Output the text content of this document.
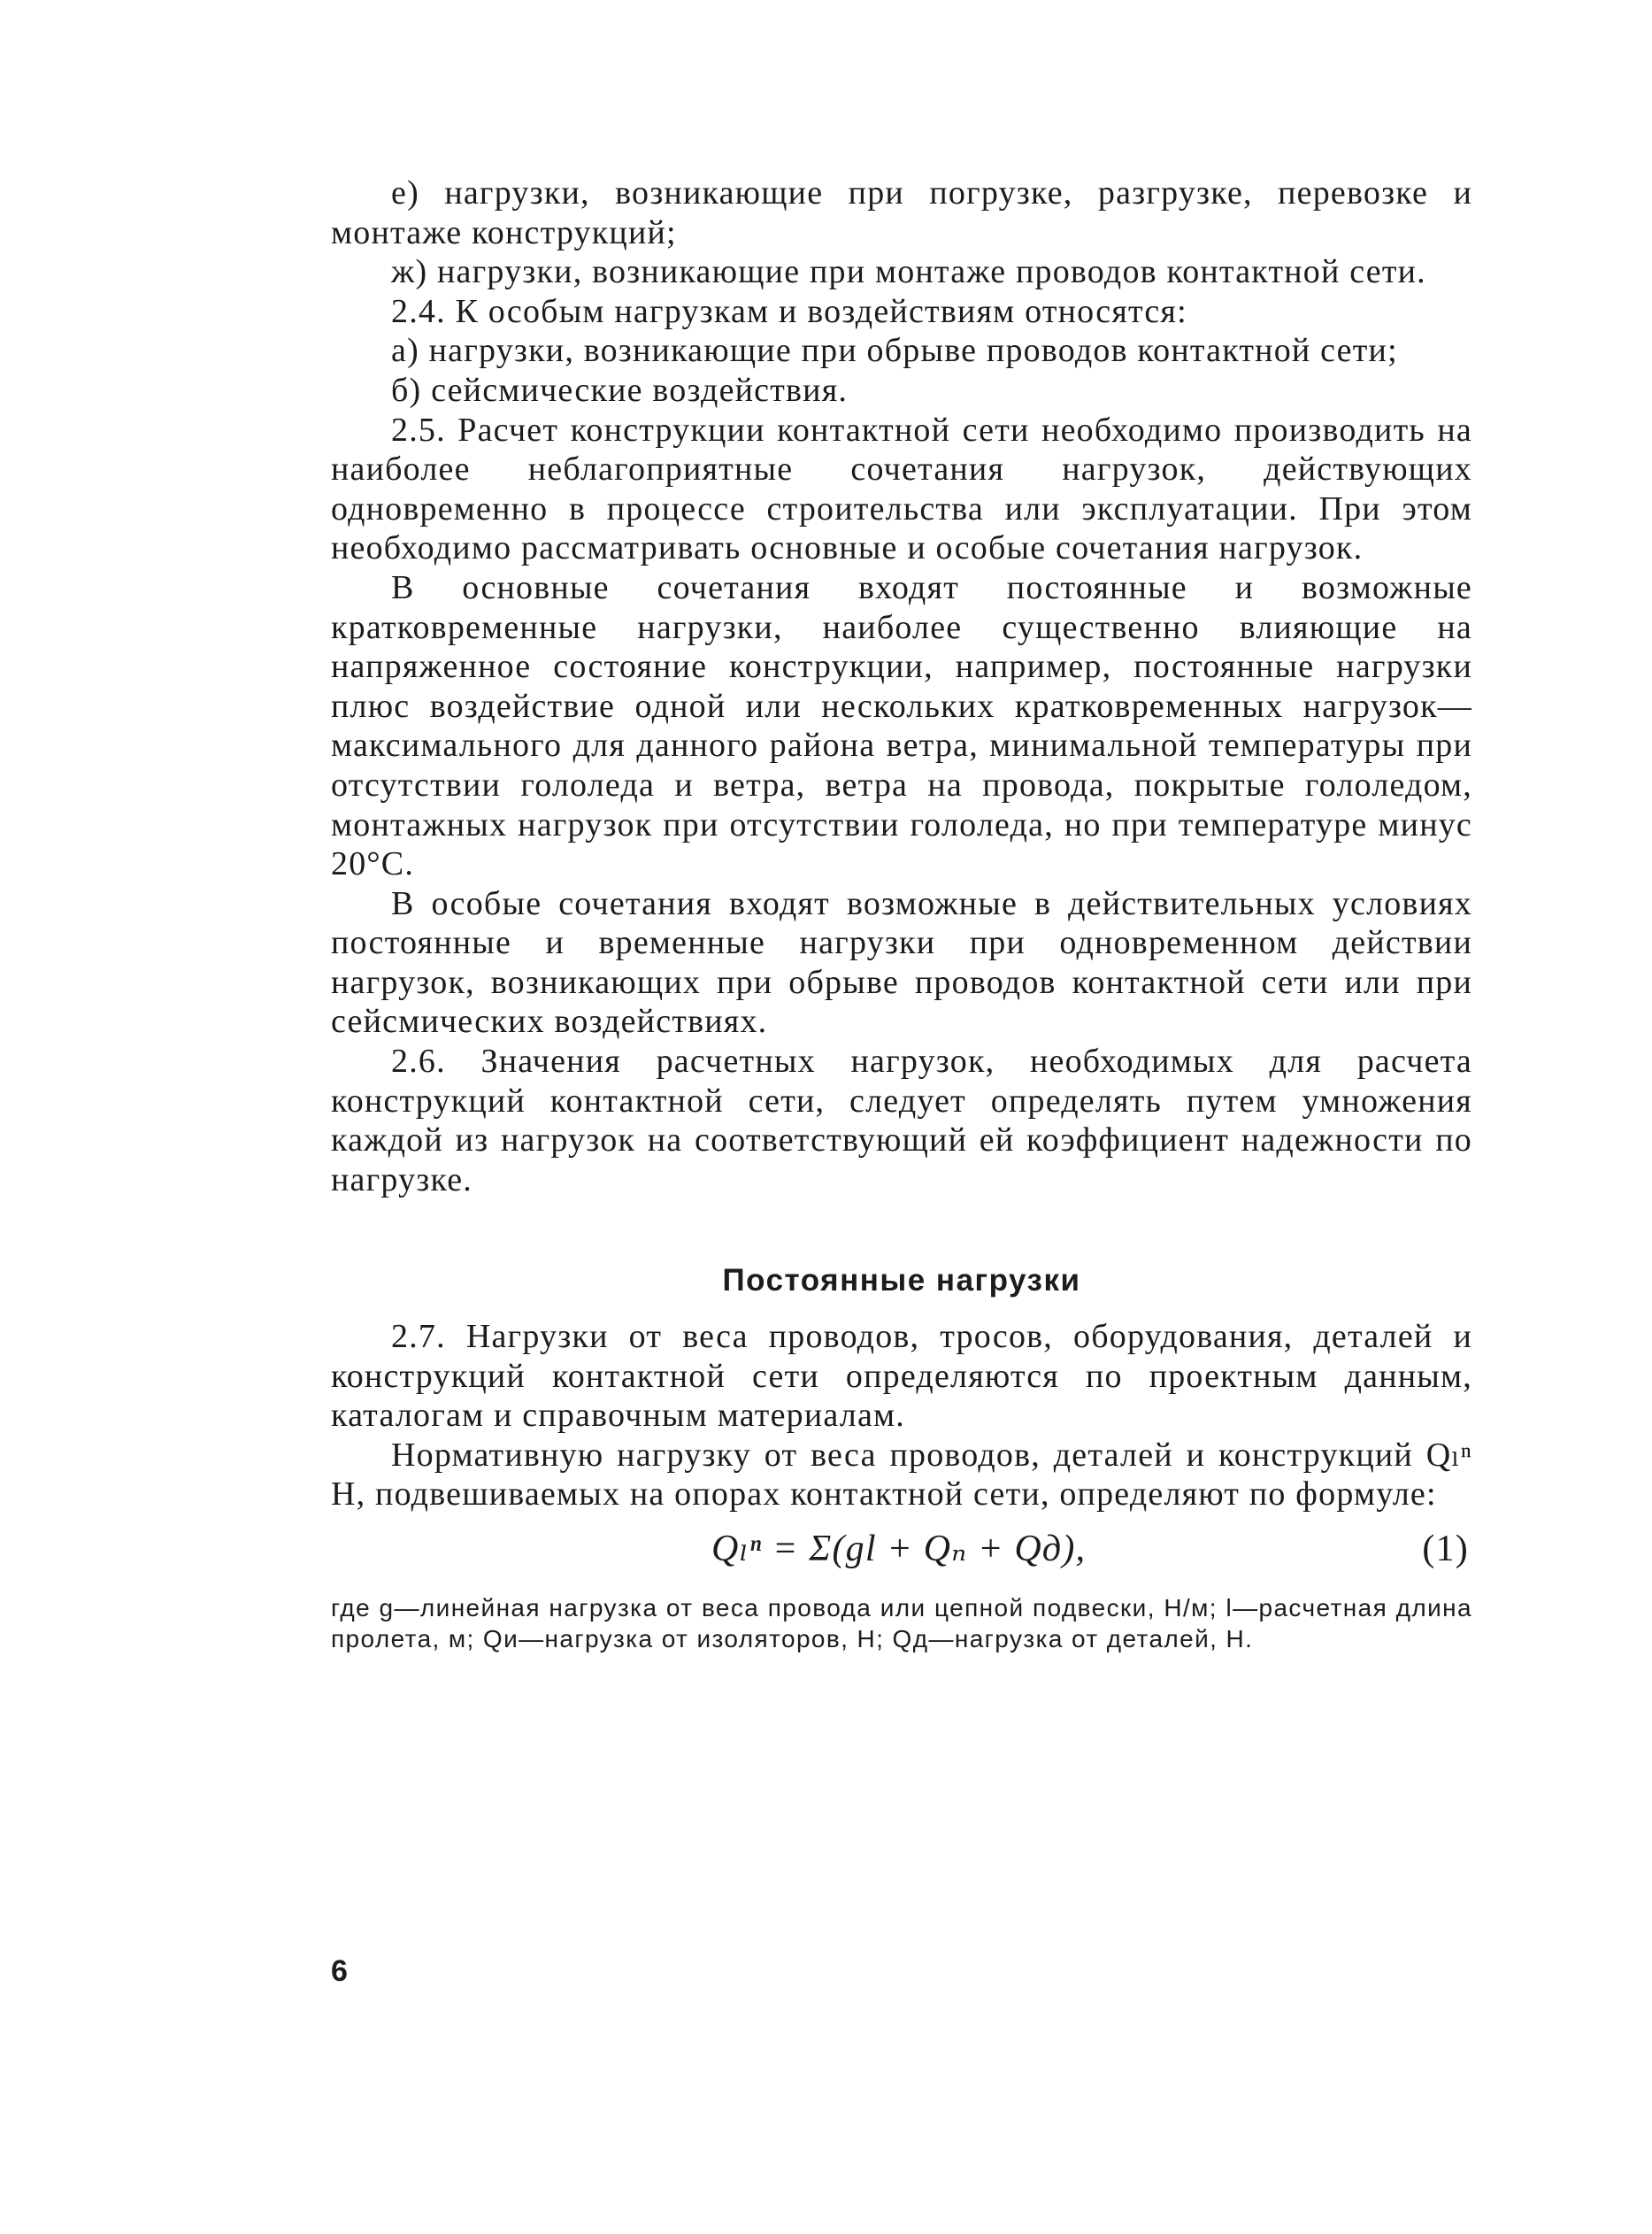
е) нагрузки, возникающие при погрузке, разгрузке, перевозке и монтаже конструкций;

ж) нагрузки, возникающие при монтаже проводов контактной сети.

2.4. К особым нагрузкам и воздействиям относятся:

а) нагрузки, возникающие при обрыве проводов контактной сети;

б) сейсмические воздействия.

2.5. Расчет конструкции контактной сети необходимо производить на наиболее неблагоприятные сочетания нагрузок, действующих одновременно в процессе строительства или эксплуатации. При этом необходимо рассматривать основные и особые сочетания нагрузок.

В основные сочетания входят постоянные и возможные кратковременные нагрузки, наиболее существенно влияющие на напряженное состояние конструкции, например, постоянные нагрузки плюс воздействие одной или нескольких кратковременных нагрузок—максимального для данного района ветра, минимальной температуры при отсутствии гололеда и ветра, ветра на провода, покрытые гололедом, монтажных нагрузок при отсутствии гололеда, но при температуре минус 20°С.

В особые сочетания входят возможные в действительных условиях постоянные и временные нагрузки при одновременном действии нагрузок, возникающих при обрыве проводов контактной сети или при сейсмических воздействиях.

2.6. Значения расчетных нагрузок, необходимых для расчета конструкций контактной сети, следует определять путем умножения каждой из нагрузок на соответствующий ей коэффициент надежности по нагрузке.

Постоянные нагрузки

2.7. Нагрузки от веса проводов, тросов, оборудования, деталей и конструкций контактной сети определяются по проектным данным, каталогам и справочным материалам.

Нормативную нагрузку от веса проводов, деталей и конструкций Qₗⁿ Н, подвешиваемых на опорах контактной сети, определяют по формуле:

Qₗⁿ = Σ(gl + Qₙ + Qд),	(1)
где g—линейная нагрузка от веса провода или цепной подвески, Н/м; l—расчетная длина пролета, м; Qи—нагрузка от изоляторов, Н; Qд—нагрузка от деталей, Н.
6
